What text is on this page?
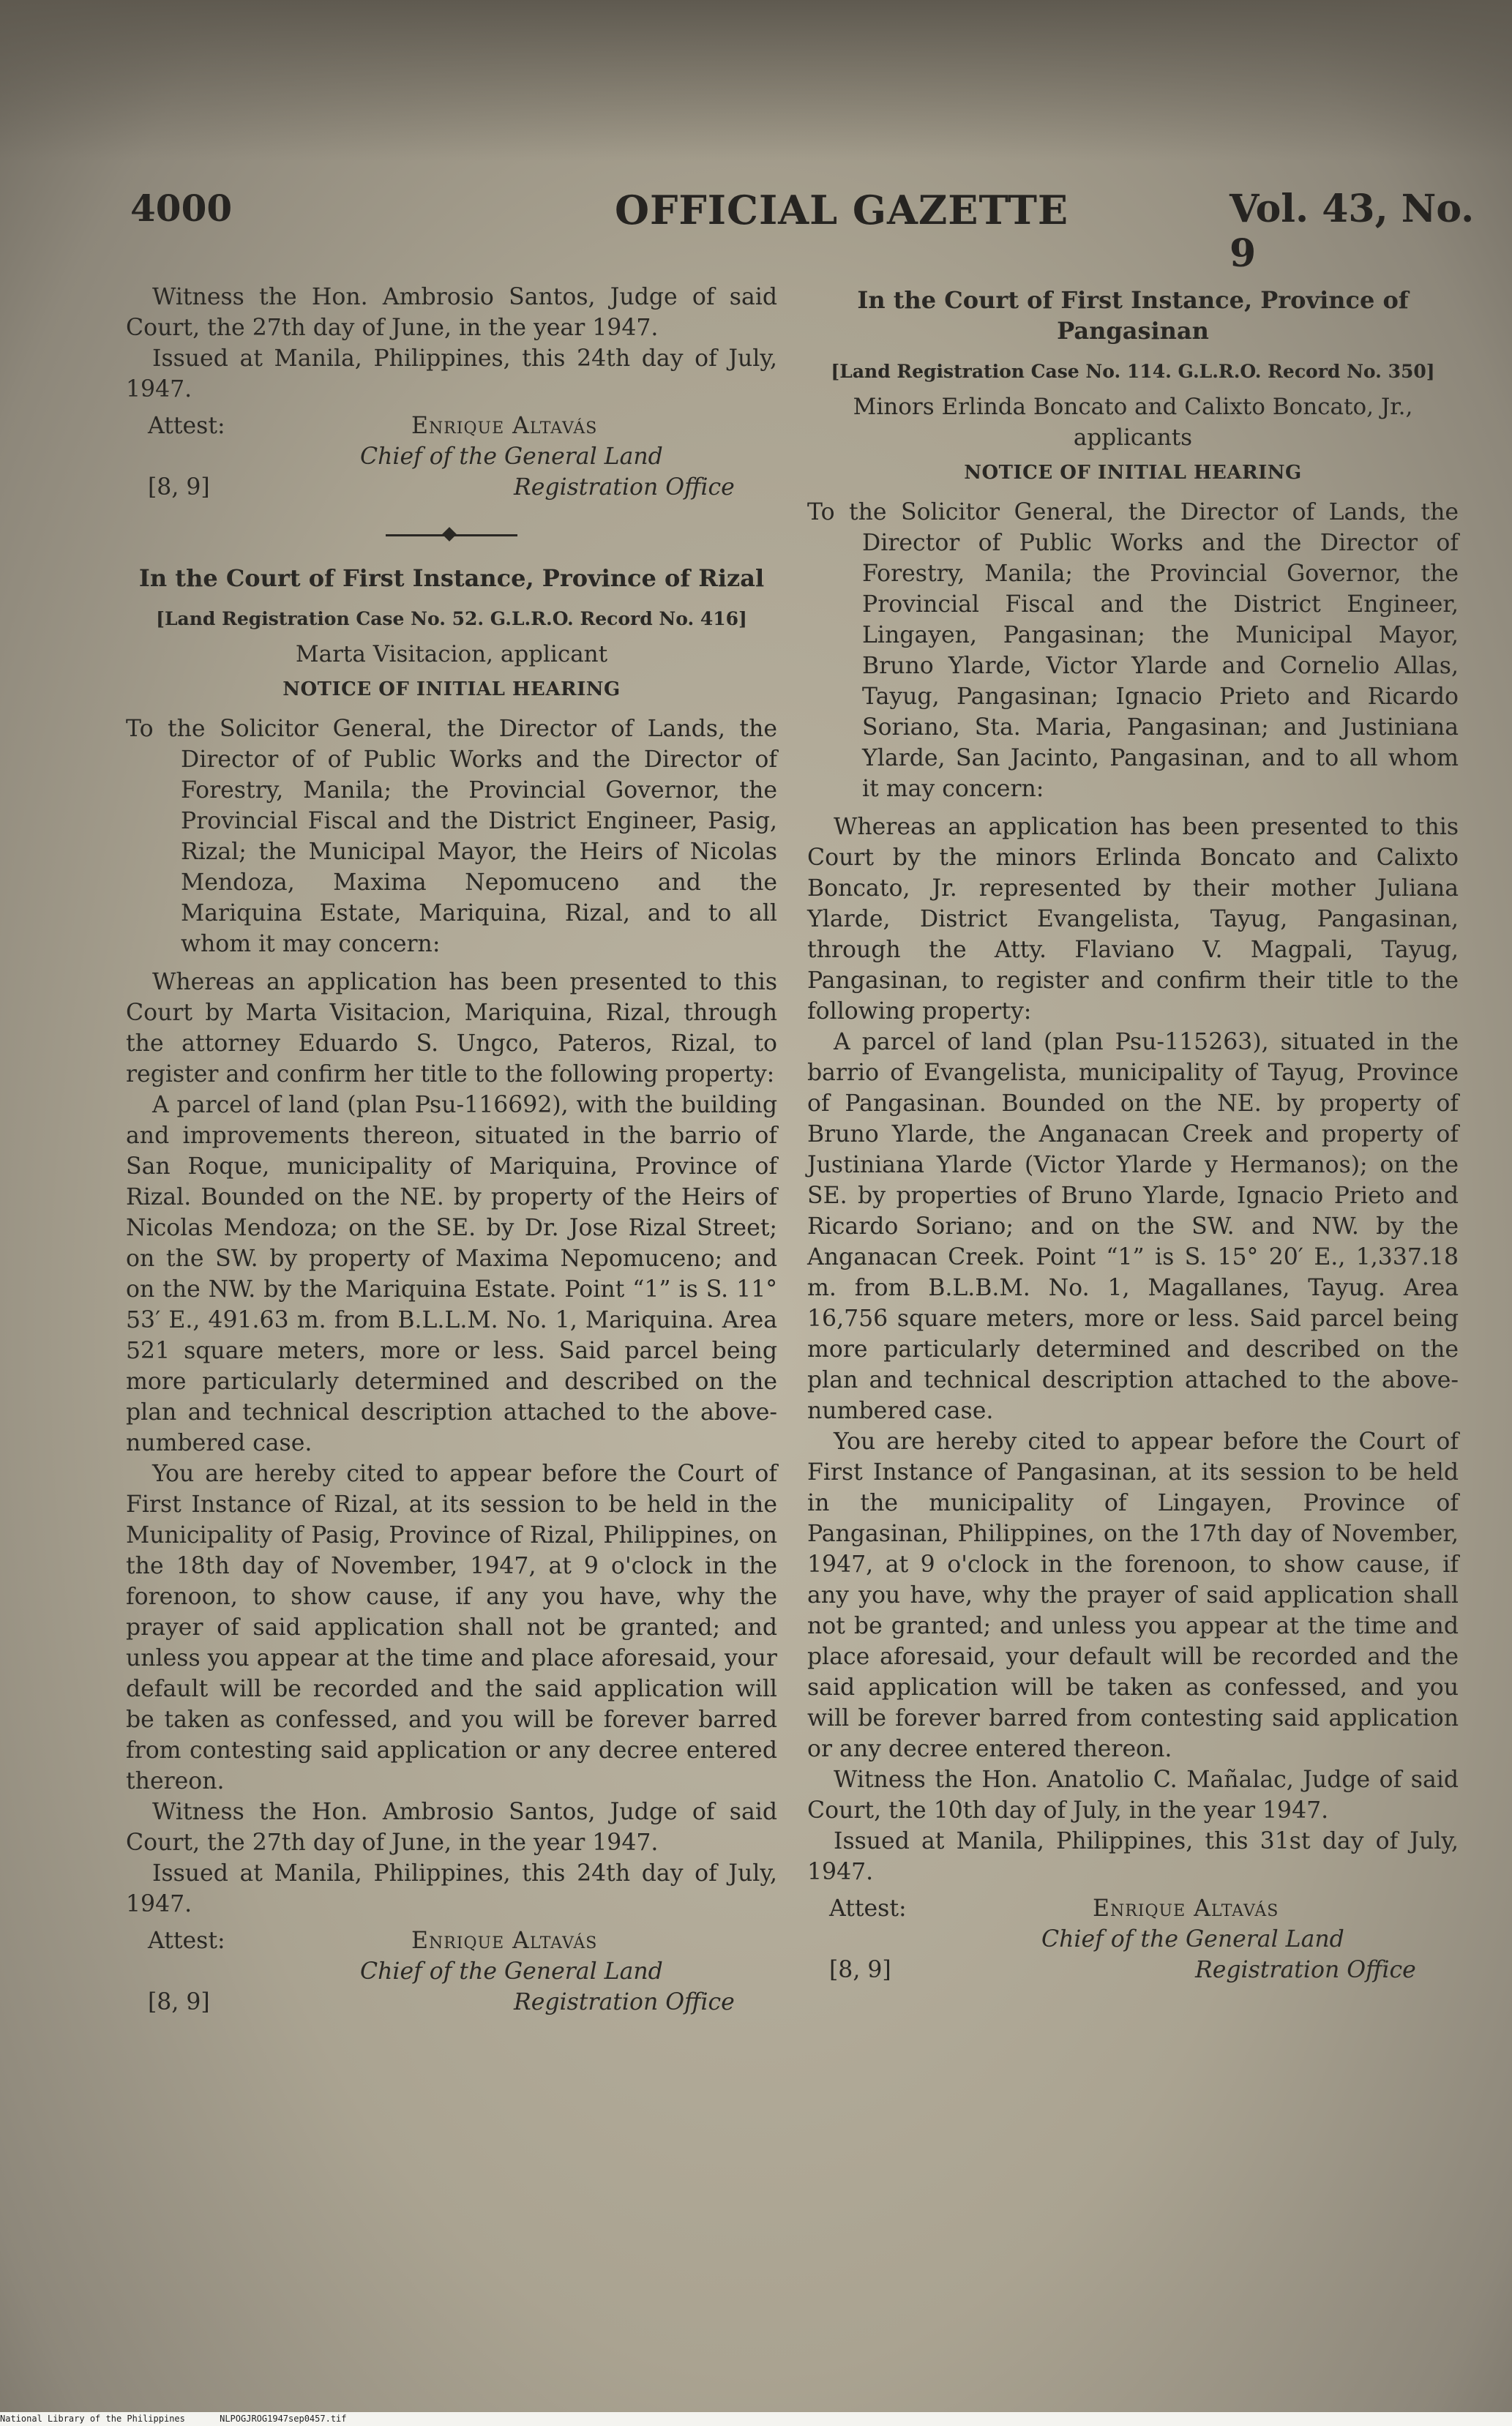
4000	OFFICIAL GAZETTE	Vol. 43, No. 9

Witness the Hon. Ambrosio Santos, Judge of said Court, the 27th day of June, in the year 1947.

Issued at Manila, Philippines, this 24th day of July, 1947.

Attest:	Enrique Altavás
Chief of the General Land
[8, 9]	Registration Office

In the Court of First Instance, Province of Rizal

[Land Registration Case No. 52. G.L.R.O. Record No. 416]

Marta Visitacion, applicant

NOTICE OF INITIAL HEARING

To the Solicitor General, the Director of Lands, the Director of of Public Works and the Director of Forestry, Manila; the Provincial Governor, the Provincial Fiscal and the District Engineer, Pasig, Rizal; the Municipal Mayor, the Heirs of Nicolas Mendoza, Maxima Nepomuceno and the Mariquina Estate, Mariquina, Rizal, and to all whom it may concern:

Whereas an application has been presented to this Court by Marta Visitacion, Mariquina, Rizal, through the attorney Eduardo S. Ungco, Pateros, Rizal, to register and confirm her title to the following property:

A parcel of land (plan Psu-116692), with the building and improvements thereon, situated in the barrio of San Roque, municipality of Mariquina, Province of Rizal. Bounded on the NE. by property of the Heirs of Nicolas Mendoza; on the SE. by Dr. Jose Rizal Street; on the SW. by property of Maxima Nepomuceno; and on the NW. by the Mariquina Estate. Point “1” is S. 11° 53′ E., 491.63 m. from B.L.L.M. No. 1, Mariquina. Area 521 square meters, more or less. Said parcel being more particularly determined and described on the plan and technical description attached to the above-numbered case.

You are hereby cited to appear before the Court of First Instance of Rizal, at its session to be held in the Municipality of Pasig, Province of Rizal, Philippines, on the 18th day of November, 1947, at 9 o'clock in the forenoon, to show cause, if any you have, why the prayer of said application shall not be granted; and unless you appear at the time and place aforesaid, your default will be recorded and the said application will be taken as confessed, and you will be forever barred from contesting said application or any decree entered thereon.

Witness the Hon. Ambrosio Santos, Judge of said Court, the 27th day of June, in the year 1947.

Issued at Manila, Philippines, this 24th day of July, 1947.

Attest:	Enrique Altavás
Chief of the General Land
[8, 9]	Registration Office

In the Court of First Instance, Province of Pangasinan

[Land Registration Case No. 114. G.L.R.O. Record No. 350]

Minors Erlinda Boncato and Calixto Boncato, Jr., applicants

NOTICE OF INITIAL HEARING

To the Solicitor General, the Director of Lands, the Director of Public Works and the Director of Forestry, Manila; the Provincial Governor, the Provincial Fiscal and the District Engineer, Lingayen, Pangasinan; the Municipal Mayor, Bruno Ylarde, Victor Ylarde and Cornelio Allas, Tayug, Pangasinan; Ignacio Prieto and Ricardo Soriano, Sta. Maria, Pangasinan; and Justiniana Ylarde, San Jacinto, Pangasinan, and to all whom it may concern:

Whereas an application has been presented to this Court by the minors Erlinda Boncato and Calixto Boncato, Jr. represented by their mother Juliana Ylarde, District Evangelista, Tayug, Pangasinan, through the Atty. Flaviano V. Magpali, Tayug, Pangasinan, to register and confirm their title to the following property:

A parcel of land (plan Psu-115263), situated in the barrio of Evangelista, municipality of Tayug, Province of Pangasinan. Bounded on the NE. by property of Bruno Ylarde, the Anganacan Creek and property of Justiniana Ylarde (Victor Ylarde y Hermanos); on the SE. by properties of Bruno Ylarde, Ignacio Prieto and Ricardo Soriano; and on the SW. and NW. by the Anganacan Creek. Point “1” is S. 15° 20′ E., 1,337.18 m. from B.L.B.M. No. 1, Magallanes, Tayug. Area 16,756 square meters, more or less. Said parcel being more particularly determined and described on the plan and technical description attached to the above-numbered case.

You are hereby cited to appear before the Court of First Instance of Pangasinan, at its session to be held in the municipality of Lingayen, Province of Pangasinan, Philippines, on the 17th day of November, 1947, at 9 o'clock in the forenoon, to show cause, if any you have, why the prayer of said application shall not be granted; and unless you appear at the time and place aforesaid, your default will be recorded and the said application will be taken as confessed, and you will be forever barred from contesting said application or any decree entered thereon.

Witness the Hon. Anatolio C. Mañalac, Judge of said Court, the 10th day of July, in the year 1947.

Issued at Manila, Philippines, this 31st day of July, 1947.

Attest:	Enrique Altavás
Chief of the General Land
[8, 9]	Registration Office
National Library of the Philippines	NLPOGJROG1947sep0457.tif
